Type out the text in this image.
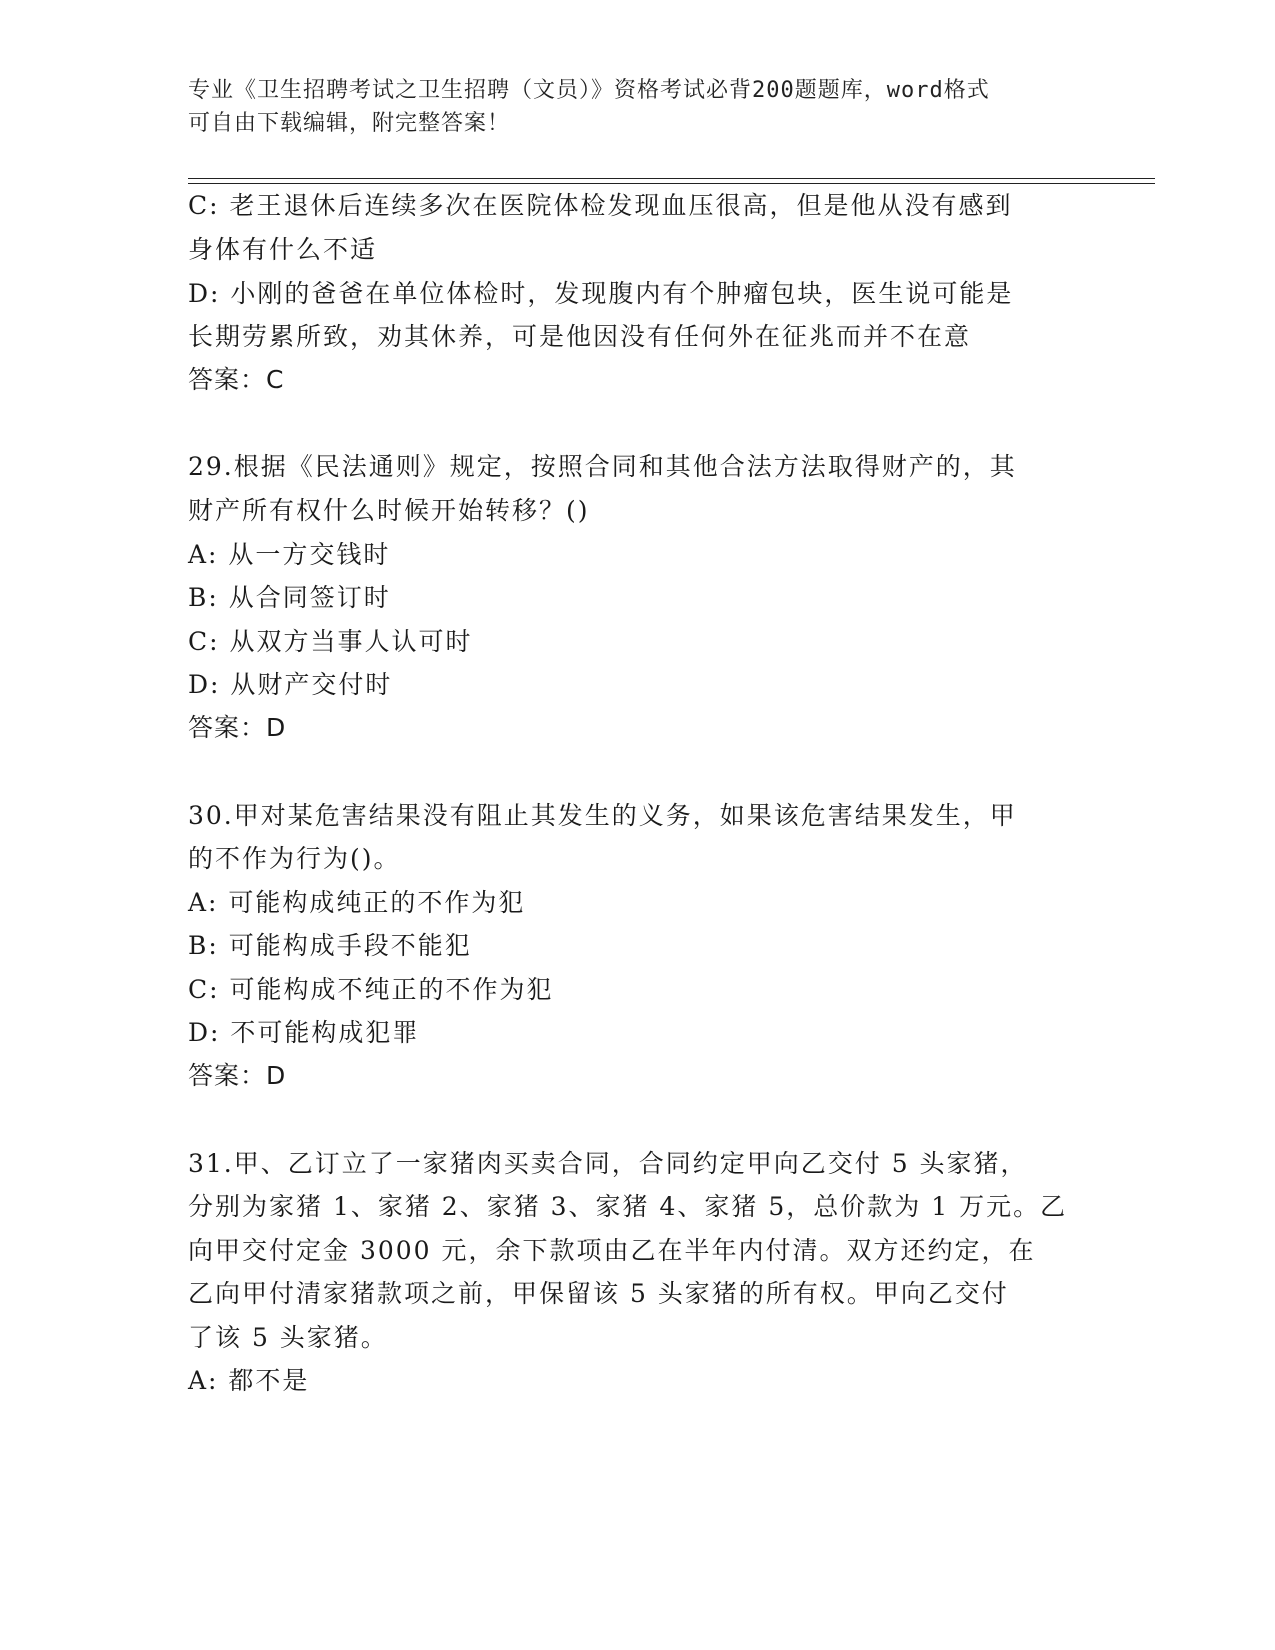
专业《卫生招聘考试之卫生招聘（文员）》资格考试必背200题题库，word格式
可自由下载编辑，附完整答案！
C: 老王退休后连续多次在医院体检发现血压很高，但是他从没有感到
身体有什么不适
D: 小刚的爸爸在单位体检时，发现腹内有个肿瘤包块，医生说可能是
长期劳累所致，劝其休养，可是他因没有任何外在征兆而并不在意
答案：C
29.根据《民法通则》规定，按照合同和其他合法方法取得财产的，其
财产所有权什么时候开始转移？()
A: 从一方交钱时
B: 从合同签订时
C: 从双方当事人认可时
D: 从财产交付时
答案：D
30.甲对某危害结果没有阻止其发生的义务，如果该危害结果发生，甲
的不作为行为()。
A: 可能构成纯正的不作为犯
B: 可能构成手段不能犯
C: 可能构成不纯正的不作为犯
D: 不可能构成犯罪
答案：D
31.甲、乙订立了一家猪肉买卖合同，合同约定甲向乙交付 5 头家猪，
分别为家猪 1、家猪 2、家猪 3、家猪 4、家猪 5，总价款为 1 万元。乙
向甲交付定金 3000 元，余下款项由乙在半年内付清。双方还约定，在
乙向甲付清家猪款项之前，甲保留该 5 头家猪的所有权。甲向乙交付
了该 5 头家猪。
A: 都不是
